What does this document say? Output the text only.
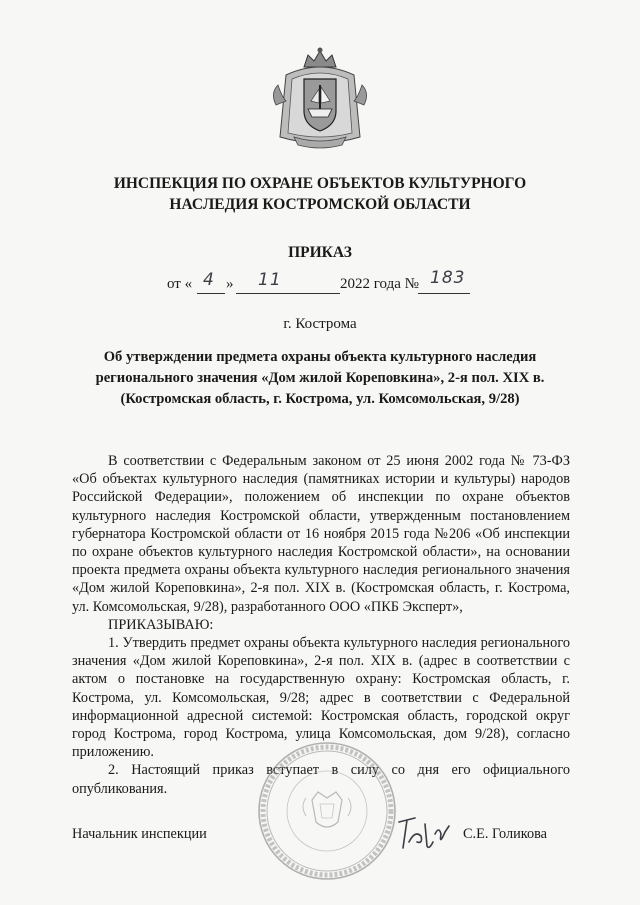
ИНСПЕКЦИЯ ПО ОХРАНЕ ОБЪЕКТОВ КУЛЬТУРНОГО
НАСЛЕДИЯ КОСТРОМСКОЙ ОБЛАСТИ
ПРИКАЗ
от « 4 » 11	2022 года № 183
г. Кострома
Об утверждении предмета охраны объекта культурного наследия
регионального значения «Дом жилой Кореповкина», 2-я пол. XIX в.
(Костромская область, г. Кострома, ул. Комсомольская, 9/28)

В соответствии с Федеральным законом от 25 июня 2002 года № 73-ФЗ «Об объектах культурного наследия (памятниках истории и культуры) народов Российской Федерации», положением об инспекции по охране объектов культурного наследия Костромской области, утвержденным постановлением губернатора Костромской области от 16 ноября 2015 года №206 «Об инспекции по охране объектов культурного наследия Костромской области», на основании проекта предмета охраны объекта культурного наследия регионального значения «Дом жилой Кореповкина», 2-я пол. XIX в. (Костромская область, г. Кострома, ул. Комсомольская, 9/28), разработанного ООО «ПКБ Эксперт»,

ПРИКАЗЫВАЮ:

1. Утвердить предмет охраны объекта культурного наследия регионального значения «Дом жилой Кореповкина», 2-я пол. XIX в. (адрес в соответствии с актом о постановке на государственную охрану: Костромская область, г. Кострома, ул. Комсомольская, 9/28; адрес в соответствии с Федеральной информационной адресной системой: Костромская область, городской округ город Кострома, город Кострома, улица Комсомольская, дом 9/28), согласно приложению.

2. Настоящий приказ вступает в силу со дня его официального опубликования.

Начальник инспекции	С.Е. Голикова
